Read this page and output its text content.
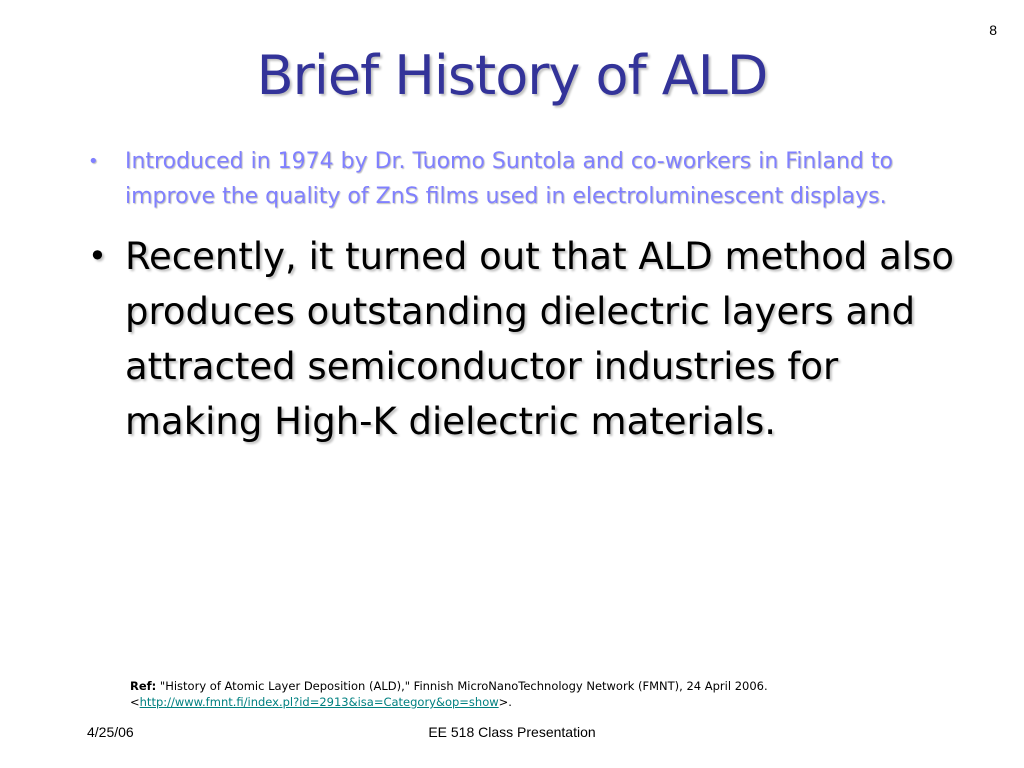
8
Brief History of ALD
•	Introduced in 1974 by Dr. Tuomo Suntola and co-workers in Finland to improve the quality of ZnS films used in electroluminescent displays.
• Recently, it turned out that ALD method also produces outstanding dielectric layers and attracted semiconductor industries for making High-K dielectric materials.
Ref: "History of Atomic Layer Deposition (ALD)," Finnish MicroNanoTechnology Network (FMNT), 24 April 2006.
<http://www.fmnt.fi/index.pl?id=2913&isa=Category&op=show>.
4/25/06	EE 518 Class Presentation
